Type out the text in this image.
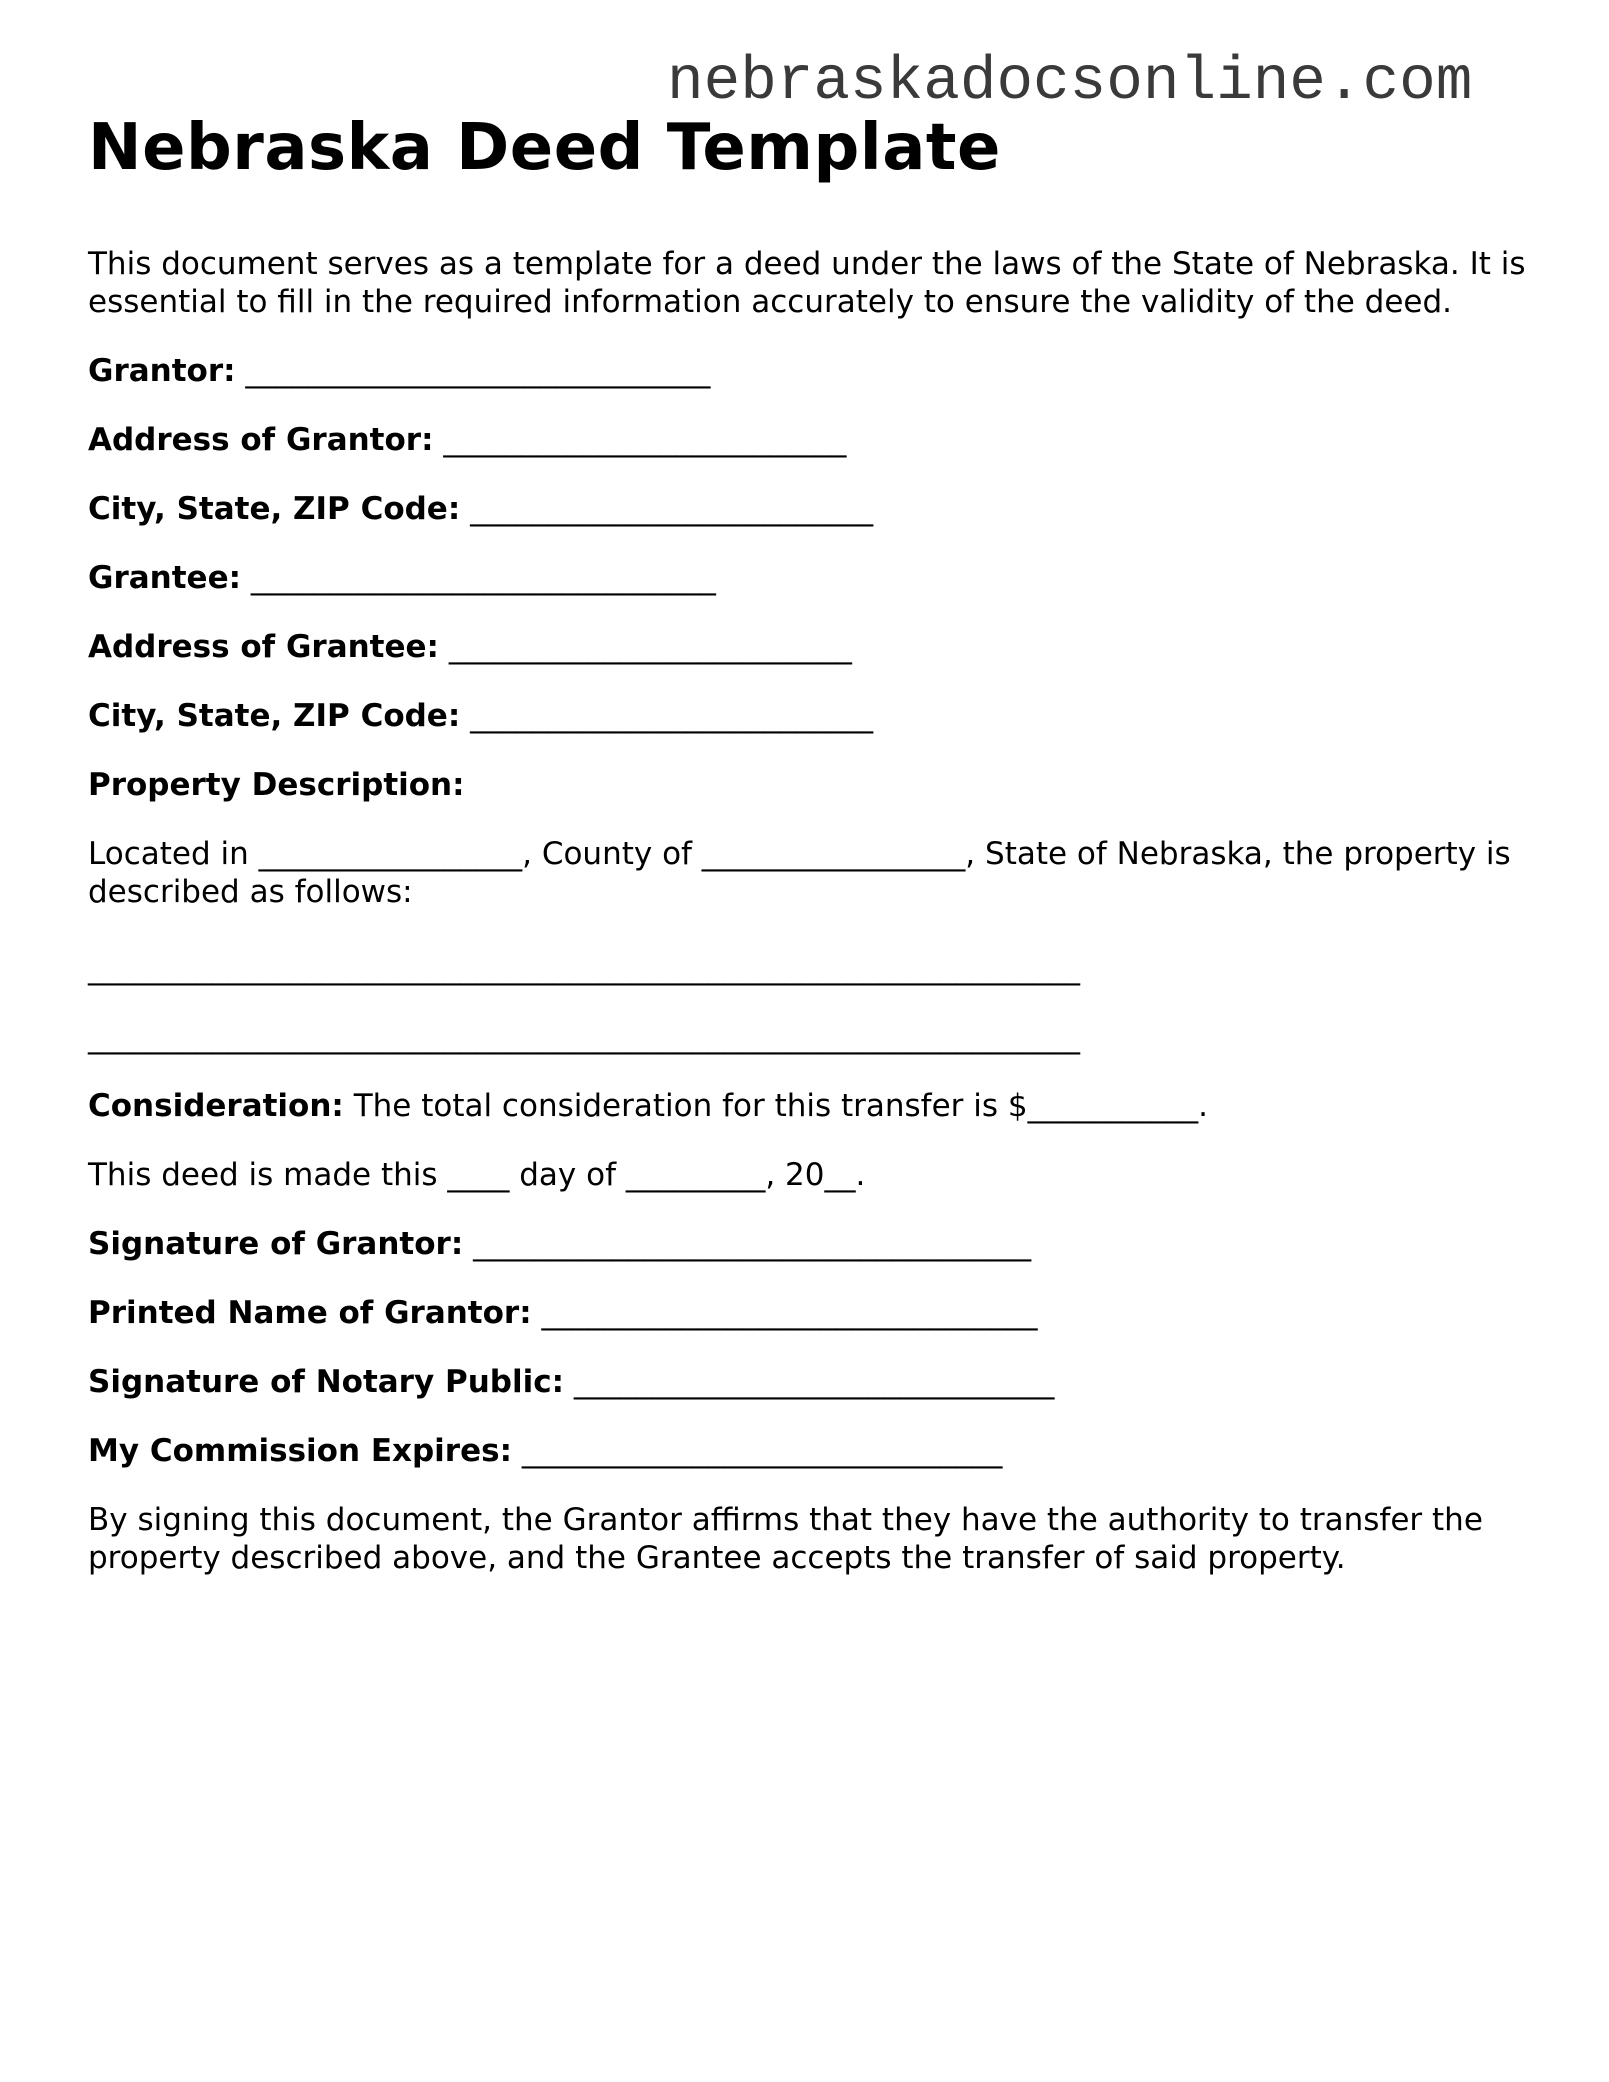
nebraskadocsonline.com
Nebraska Deed Template

This document serves as a template for a deed under the laws of the State of Nebraska. It is essential to fill in the required information accurately to ensure the validity of the deed.

Grantor: ______________________________

Address of Grantor: __________________________

City, State, ZIP Code: __________________________

Grantee: ______________________________

Address of Grantee: __________________________

City, State, ZIP Code: __________________________

Property Description:

Located in _________________, County of _________________, State of Nebraska, the property is described as follows:

________________________________________________________________

________________________________________________________________

Consideration: The total consideration for this transfer is $___________.

This deed is made this ____ day of _________, 20__.

Signature of Grantor: ____________________________________

Printed Name of Grantor: ________________________________

Signature of Notary Public: _______________________________

My Commission Expires: _______________________________

By signing this document, the Grantor affirms that they have the authority to transfer the property described above, and the Grantee accepts the transfer of said property.
